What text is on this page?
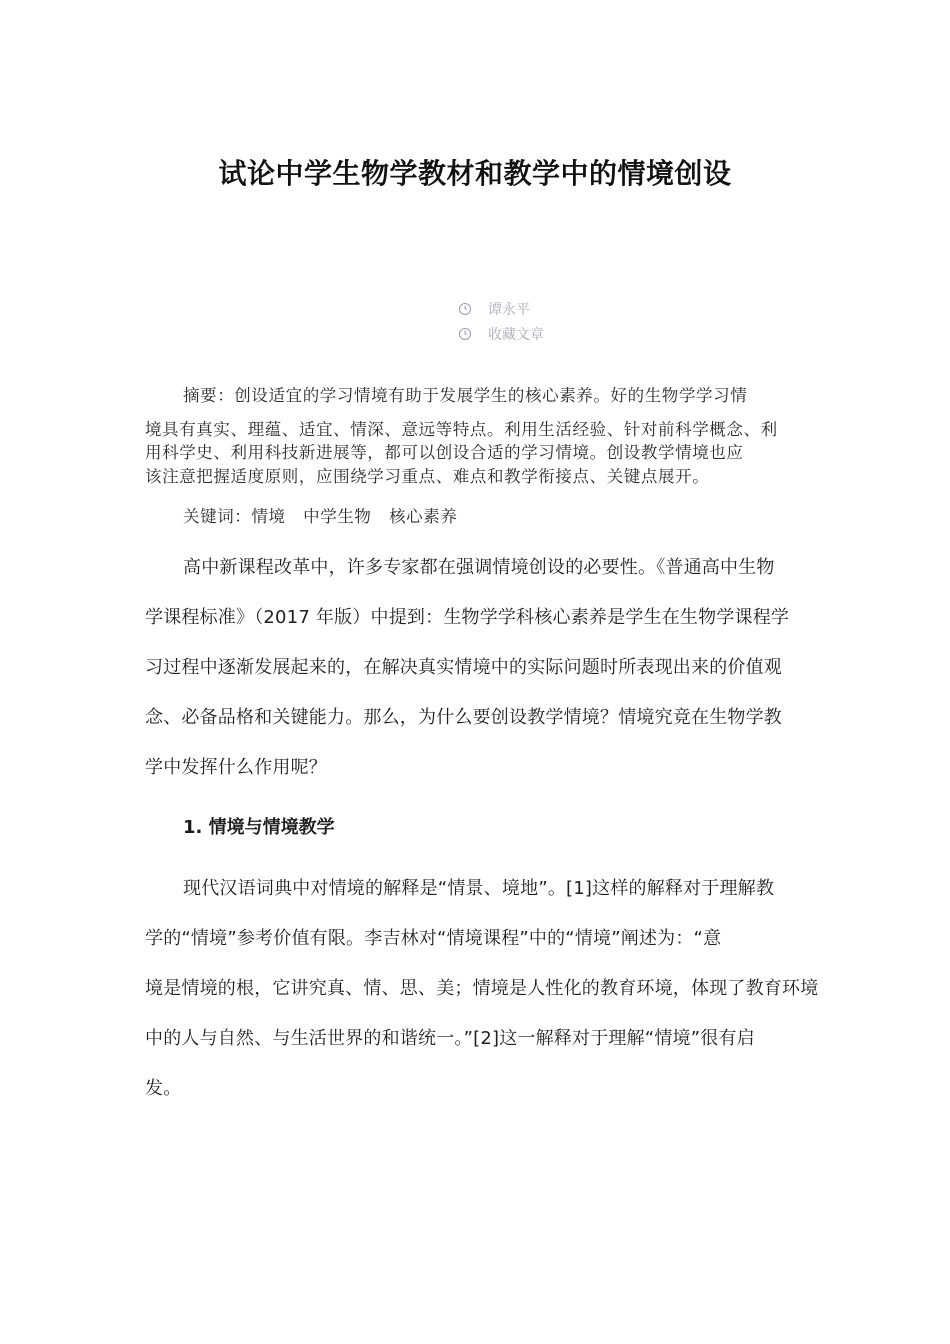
试论中学生物学教材和教学中的情境创设
谭永平
收藏文章
摘要：创设适宜的学习情境有助于发展学生的核心素养。好的生物学学习情
境具有真实、理蕴、适宜、情深、意远等特点。利用生活经验、针对前科学概念、利
用科学史、利用科技新进展等，都可以创设合适的学习情境。创设教学情境也应
该注意把握适度原则，应围绕学习重点、难点和教学衔接点、关键点展开。
关键词：情境   中学生物   核心素养
高中新课程改革中，许多专家都在强调情境创设的必要性。《普通高中生物
学课程标准》（2017 年版）中提到：生物学学科核心素养是学生在生物学课程学
习过程中逐渐发展起来的，在解决真实情境中的实际问题时所表现出来的价值观
念、必备品格和关键能力。那么，为什么要创设教学情境？情境究竟在生物学教
学中发挥什么作用呢？
1. 情境与情境教学
现代汉语词典中对情境的解释是“情景、境地”。[1]这样的解释对于理解教
学的“情境”参考价值有限。李吉林对“情境课程”中的“情境”阐述为：“意
境是情境的根，它讲究真、情、思、美；情境是人性化的教育环境，体现了教育环境
中的人与自然、与生活世界的和谐统一。”[2]这一解释对于理解“情境”很有启
发。
